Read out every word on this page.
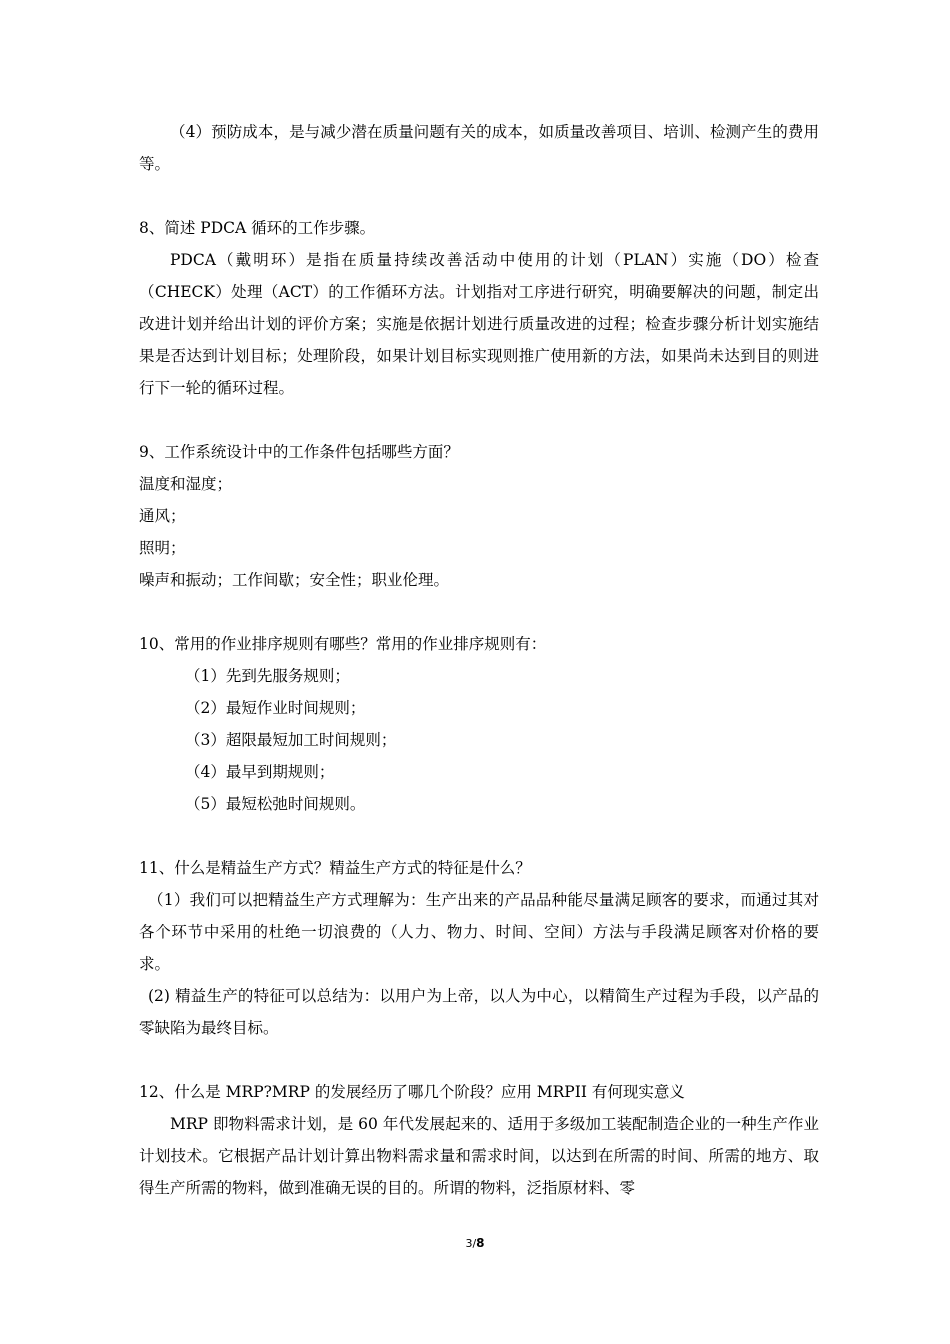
（4）预防成本，是与减少潜在质量问题有关的成本，如质量改善项目、培训、检测产生的费用等。

8、简述 PDCA 循环的工作步骤。

PDCA（戴明环）是指在质量持续改善活动中使用的计划（PLAN）实施（DO）检查（CHECK）处理（ACT）的工作循环方法。计划指对工序进行研究，明确要解决的问题，制定出改进计划并给出计划的评价方案；实施是依据计划进行质量改进的过程；检查步骤分析计划实施结果是否达到计划目标；处理阶段，如果计划目标实现则推广使用新的方法，如果尚未达到目的则进行下一轮的循环过程。

9、工作系统设计中的工作条件包括哪些方面？

温度和湿度；

通风；

照明；

噪声和振动；工作间歇；安全性；职业伦理。

10、常用的作业排序规则有哪些？常用的作业排序规则有：

（1）先到先服务规则；

（2）最短作业时间规则；

（3）超限最短加工时间规则；

（4）最早到期规则；

（5）最短松弛时间规则。

11、什么是精益生产方式？精益生产方式的特征是什么？

（1）我们可以把精益生产方式理解为：生产出来的产品品种能尽量满足顾客的要求，而通过其对各个环节中采用的杜绝一切浪费的（人力、物力、时间、空间）方法与手段满足顾客对价格的要求。

(2) 精益生产的特征可以总结为：以用户为上帝，以人为中心，以精简生产过程为手段，以产品的零缺陷为最终目标。

12、什么是 MRP?MRP 的发展经历了哪几个阶段？应用 MRPII 有何现实意义

MRP 即物料需求计划，是 60 年代发展起来的、适用于多级加工装配制造企业的一种生产作业计划技术。它根据产品计划计算出物料需求量和需求时间，以达到在所需的时间、所需的地方、取得生产所需的物料，做到准确无误的目的。所谓的物料，泛指原材料、零

3/8
